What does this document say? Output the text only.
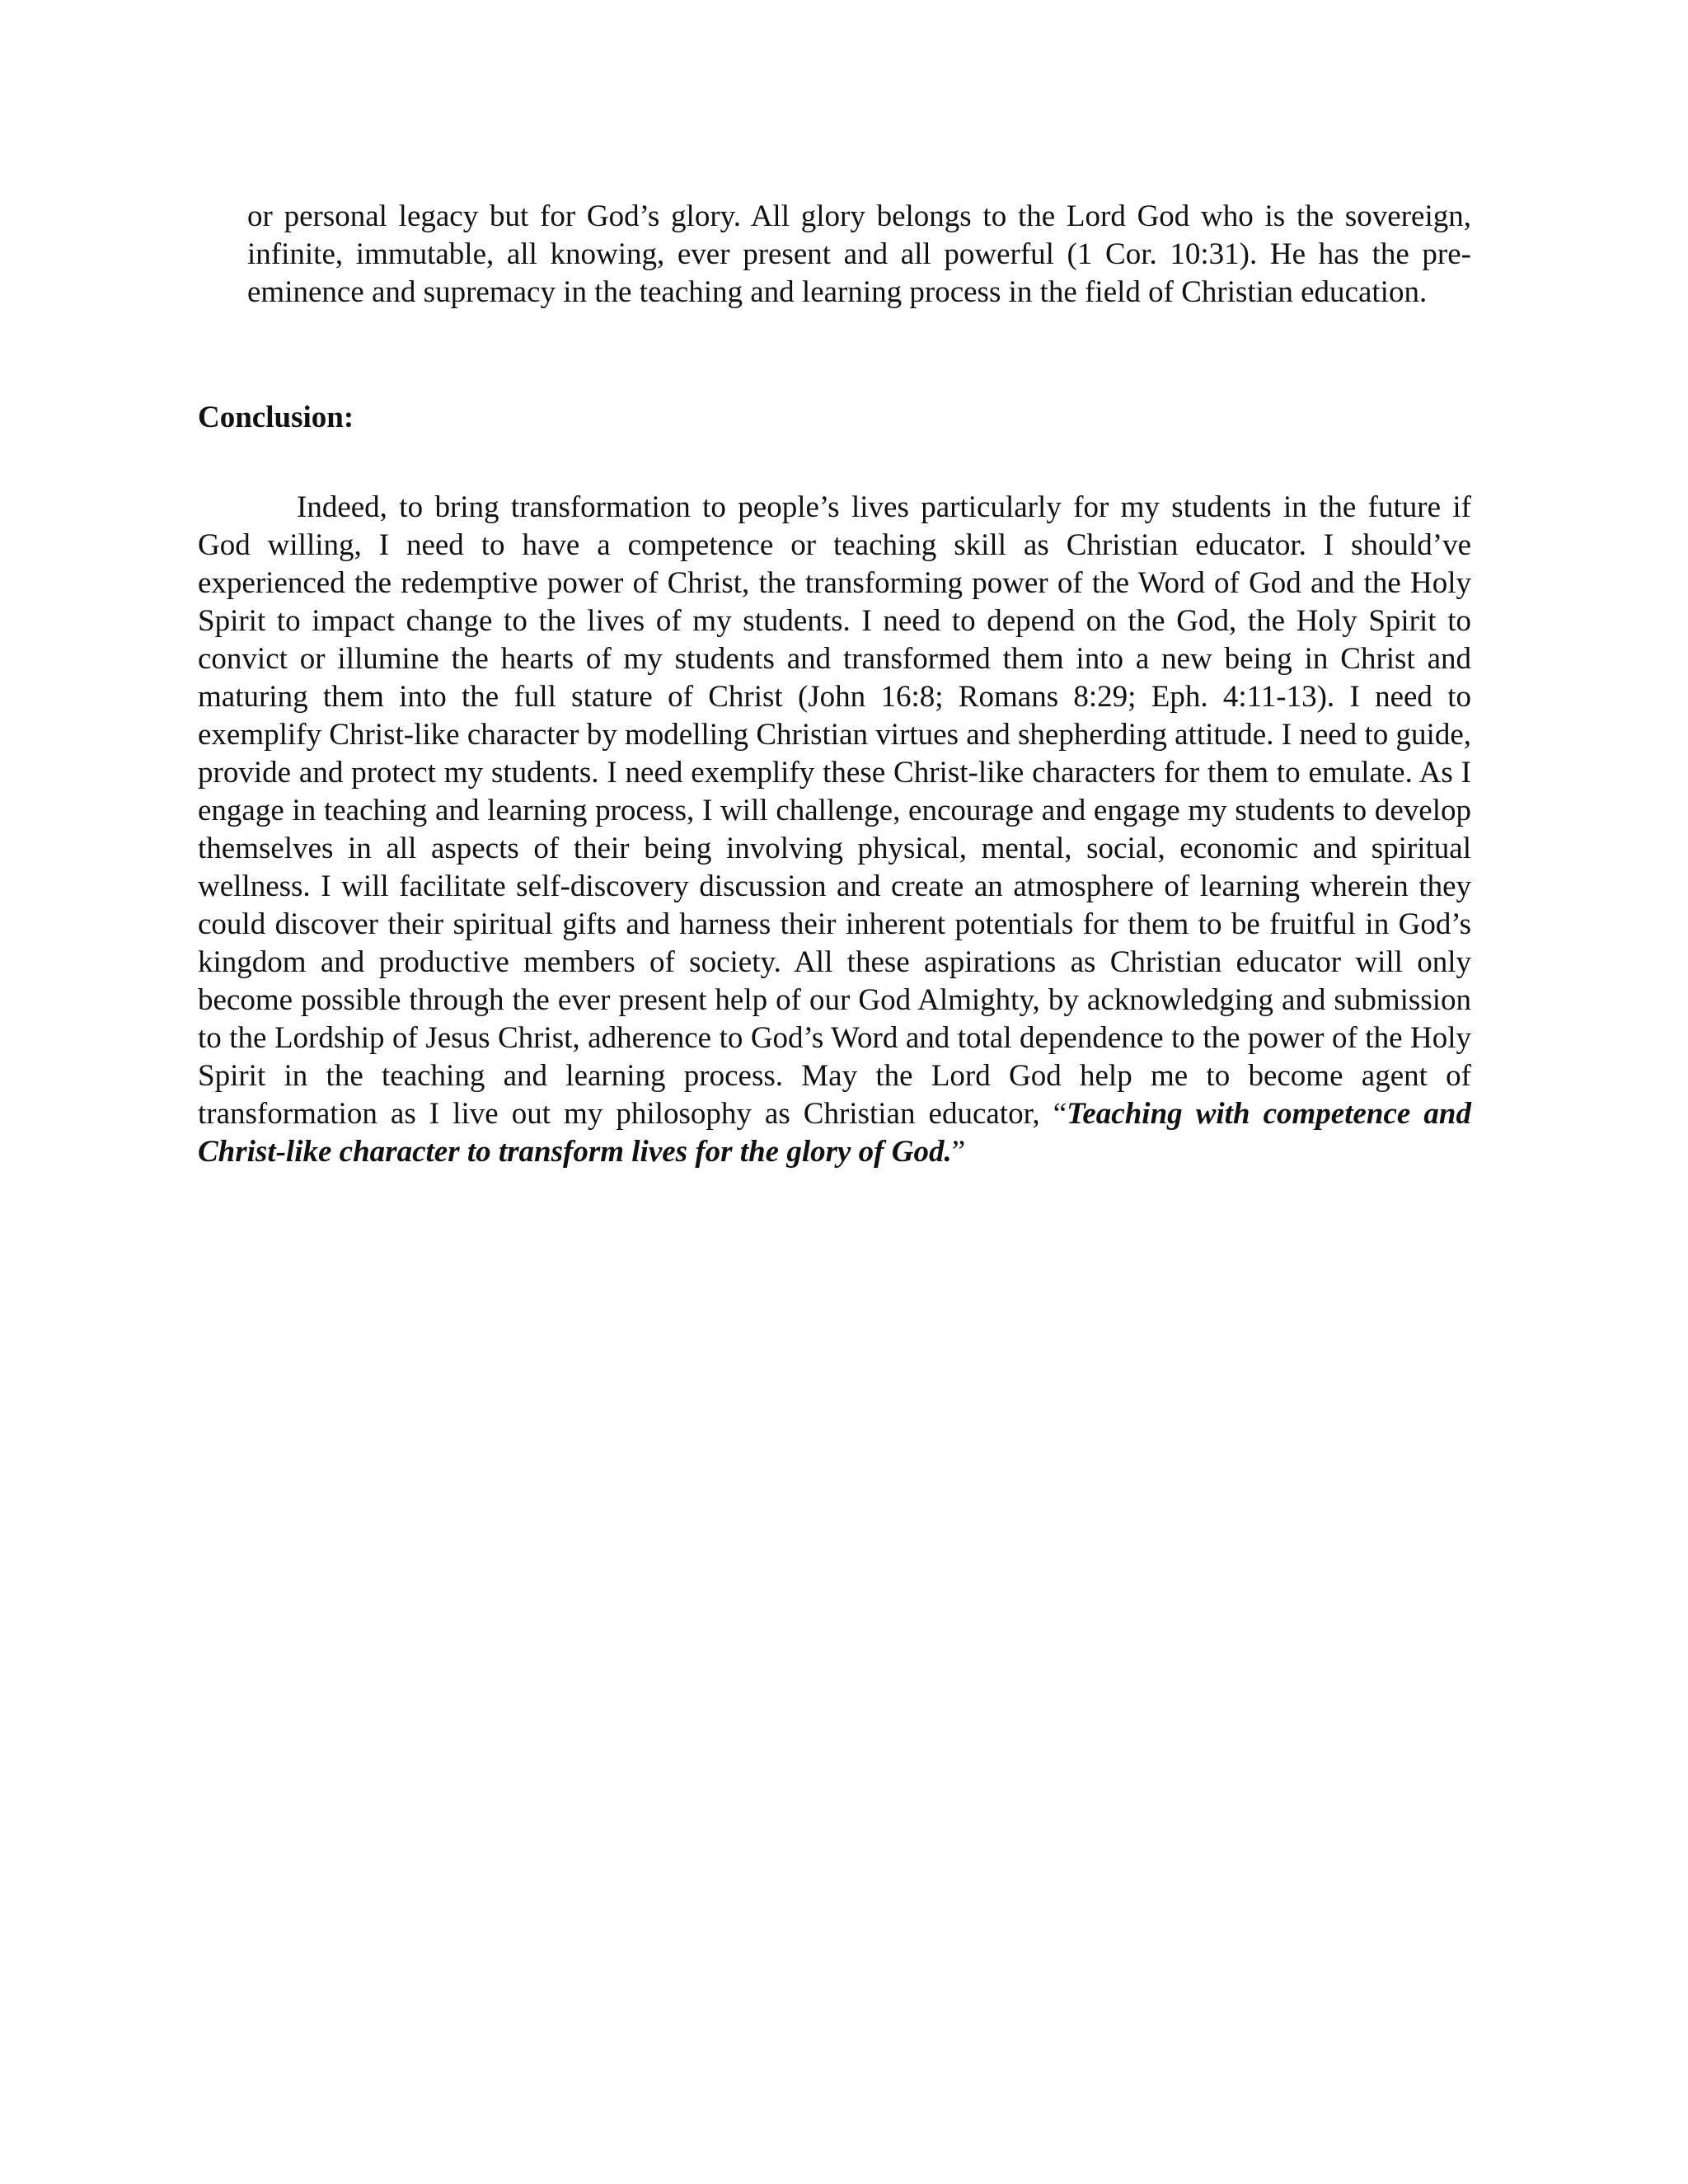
or personal legacy but for God’s glory. All glory belongs to the Lord God who is the sovereign, infinite, immutable, all knowing, ever present and all powerful (1 Cor. 10:31). He has the pre-eminence and supremacy in the teaching and learning process in the field of Christian education.

Conclusion:

Indeed, to bring transformation to people’s lives particularly for my students in the future if God willing, I need to have a competence or teaching skill as Christian educator. I should’ve experienced the redemptive power of Christ, the transforming power of the Word of God and the Holy Spirit to impact change to the lives of my students. I need to depend on the God, the Holy Spirit to convict or illumine the hearts of my students and transformed them into a new being in Christ and maturing them into the full stature of Christ (John 16:8; Romans 8:29; Eph. 4:11-13). I need to exemplify Christ-like character by modelling Christian virtues and shepherding attitude. I need to guide, provide and protect my students. I need exemplify these Christ-like characters for them to emulate. As I engage in teaching and learning process, I will challenge, encourage and engage my students to develop themselves in all aspects of their being involving physical, mental, social, economic and spiritual wellness. I will facilitate self-discovery discussion and create an atmosphere of learning wherein they could discover their spiritual gifts and harness their inherent potentials for them to be fruitful in God’s kingdom and productive members of society. All these aspirations as Christian educator will only become possible through the ever present help of our God Almighty, by acknowledging and submission to the Lordship of Jesus Christ, adherence to God’s Word and total dependence to the power of the Holy Spirit in the teaching and learning process. May the Lord God help me to become agent of transformation as I live out my philosophy as Christian educator, “Teaching with competence and Christ-like character to transform lives for the glory of God.”
